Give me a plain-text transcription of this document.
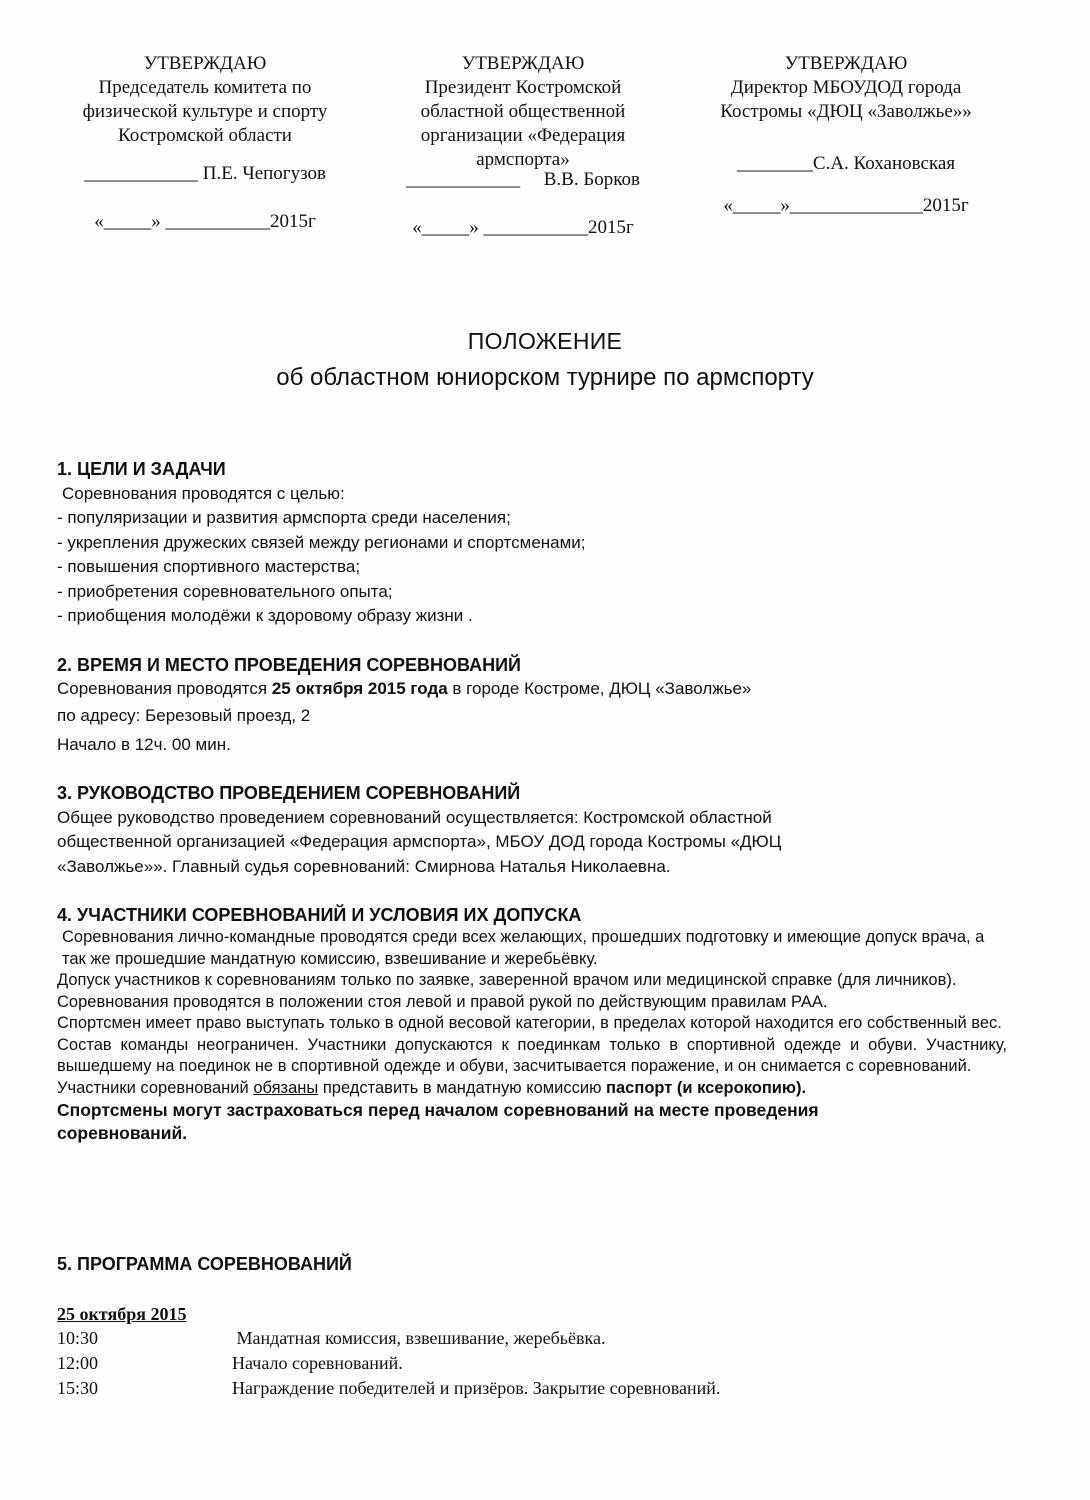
УТВЕРЖДАЮ
Председатель комитета по
физической культуре и спорту
Костромской области
____________ П.Е. Чепогузов
«_____» ___________2015г
УТВЕРЖДАЮ
Президент Костромской
областной общественной
организации «Федерация
армспорта»
____________     В.В. Борков
«_____» ___________2015г
УТВЕРЖДАЮ
Директор МБОУДОД города
Костромы «ДЮЦ «Заволжье»»
________С.А. Кохановская
«_____»______________2015г
ПОЛОЖЕНИЕ
об областном юниорском турнире по армспорту
1. ЦЕЛИ И ЗАДАЧИ
Соревнования проводятся с целью:
- популяризации и развития армспорта среди населения;
- укрепления дружеских связей между регионами и спортсменами;
- повышения спортивного мастерства;
- приобретения соревновательного опыта;
- приобщения молодёжи к здоровому образу жизни .
2. ВРЕМЯ И МЕСТО ПРОВЕДЕНИЯ СОРЕВНОВАНИЙ
Соревнования проводятся 25 октября 2015 года в городе Костроме, ДЮЦ «Заволжье»
по адресу: Березовый проезд, 2
Начало в 12ч. 00 мин.
3. РУКОВОДСТВО ПРОВЕДЕНИЕМ СОРЕВНОВАНИЙ
Общее руководство проведением соревнований осуществляется: Костромской областной
общественной организацией «Федерация армспорта», МБОУ ДОД города Костромы «ДЮЦ
«Заволжье»». Главный судья соревнований: Смирнова Наталья Николаевна.
4. УЧАСТНИКИ СОРЕВНОВАНИЙ И УСЛОВИЯ ИХ ДОПУСКА
Соревнования лично-командные проводятся среди всех желающих, прошедших подготовку и имеющие допуск врача, а так же прошедшие мандатную комиссию, взвешивание и жеребьёвку.
Допуск участников к соревнованиям только по заявке, заверенной врачом или медицинской справке (для личников). Соревнования проводятся в положении стоя левой и правой рукой по действующим правилам РАА.
Спортсмен имеет право выступать только в одной весовой категории, в пределах которой находится его собственный вес.
Состав команды неограничен. Участники допускаются к поединкам только в спортивной одежде и обуви. Участнику, вышедшему на поединок не в спортивной одежде и обуви, засчитывается поражение, и он снимается с соревнований.
Участники соревнований обязаны представить в мандатную комиссию паспорт (и ксерокопию).
Спортсмены могут застраховаться перед началом соревнований на месте проведения соревнований.
5. ПРОГРАММА СОРЕВНОВАНИЙ
25 октября 2015
10:30	Мандатная комиссия, взвешивание, жеребьёвка.
12:00	Начало соревнований.
15:30	Награждение победителей и призёров. Закрытие соревнований.
